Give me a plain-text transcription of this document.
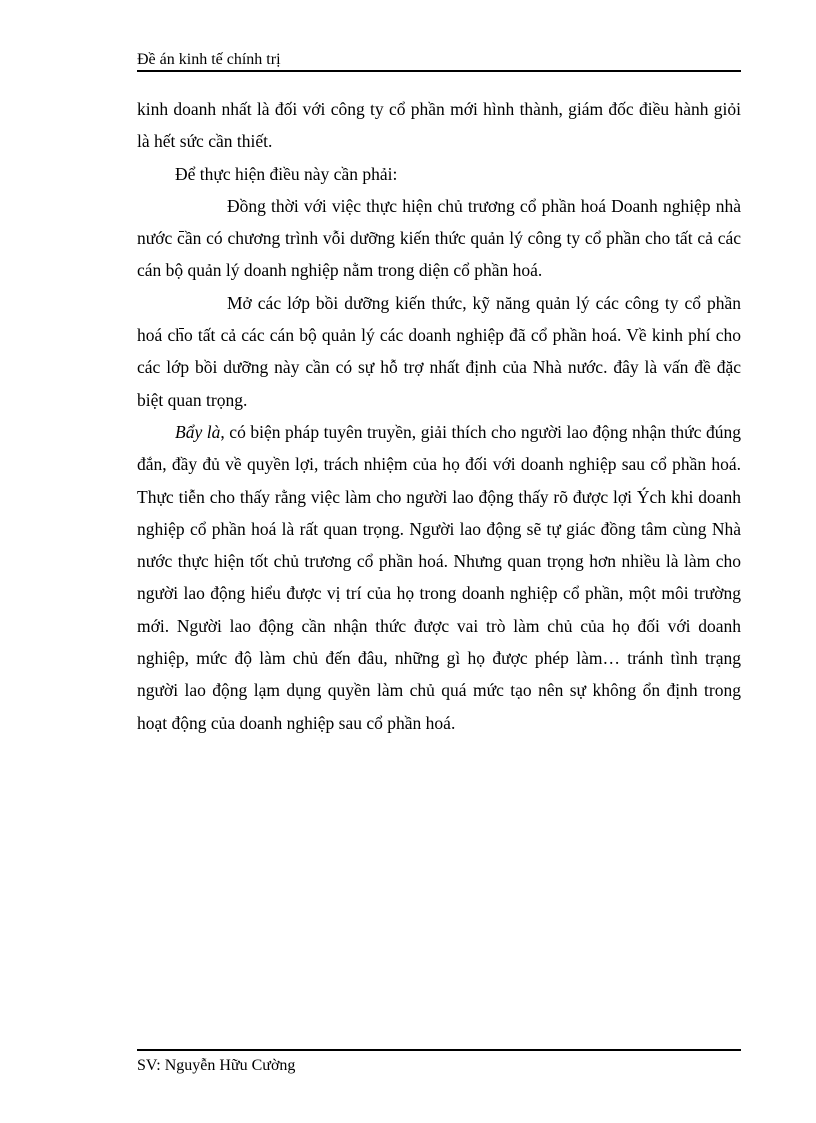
Đề án kinh tế chính trị

kinh doanh nhất là đối với công ty cổ phần mới hình thành, giám đốc điều hành giỏi là hết sức cần thiết.

Để thực hiện điều này cần phải:

Đồng thời với việc thực hiện chủ trương cổ phần hoá Doanh nghiệp nhà nước cần có chương trình vỗi dưỡng kiến thức quản lý công ty cổ phần cho tất cả các cán bộ quản lý doanh nghiệp nằm trong diện cổ phần hoá.

Mở các lớp bồi dưỡng kiến thức, kỹ năng quản lý các công ty cổ phần hoá cho tất cả các cán bộ quản lý các doanh nghiệp đã cổ phần hoá. Về kinh phí cho các lớp bồi dưỡng này cần có sự hỗ trợ nhất định của Nhà nước. đây là vấn đề đặc biệt quan trọng.

Bẩy là, có biện pháp tuyên truyền, giải thích cho người lao động nhận thức đúng đắn, đầy đủ về quyền lợi, trách nhiệm của họ đối với doanh nghiệp sau cổ phần hoá. Thực tiễn cho thấy rằng việc làm cho người lao động thấy rõ được lợi Ých khi doanh nghiệp cổ phần hoá là rất quan trọng. Người lao động sẽ tự giác đồng tâm cùng Nhà nước thực hiện tốt chủ trương cổ phần hoá. Nhưng quan trọng hơn nhiều là làm cho người lao động hiểu được vị trí của họ trong doanh nghiệp cổ phần, một môi trường mới. Người lao động cần nhận thức được vai trò làm chủ của họ đối với doanh nghiệp, mức độ làm chủ đến đâu, những gì họ được phép làm… tránh tình trạng người lao động lạm dụng quyền làm chủ quá mức tạo nên sự không ổn định trong hoạt động của doanh nghiệp sau cổ phần hoá.

SV: Nguyễn Hữu Cường
